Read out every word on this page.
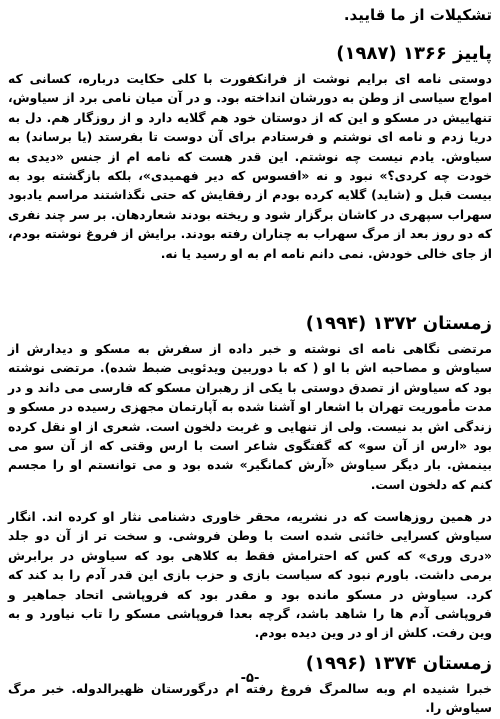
تشکیلات از ما قایید.
پاییز ۱۳۶۶ (۱۹۸۷)

دوستی نامه ای برایم نوشت از فرانکفورت با کلی حکایت درباره، کسانی که امواج سیاسی از وطن به دورشان انداخته بود. و در آن میان نامی برد از سیاوش، تنهاییش در مسکو و این که از دوستان خود هم گلایه دارد و از روزگار هم. دل به دریا زدم و نامه ای نوشتم و فرستادم برای آن دوست تا بفرستد (یا برساند) به سیاوش. یادم نیست چه نوشتم. این قدر هست که نامه ام از جنس «دیدی به خودت چه کردی؟» نبود و نه «افسوس که دیر فهمیدی»، بلکه بازگشته بود به بیست قبل و (شاید) گلایه کرده بودم از رفقایش که حتی نگذاشتند مراسم یادبود سهراب سپهری در کاشان برگزار شود و ریخته بودند شعاردهان. بر سر چند نفری که دو روز بعد از مرگ سهراب به چناران رفته بودند. برایش از فروغ نوشته بودم، از جای خالی خودش. نمی دانم نامه ام به او رسید یا نه.

زمستان ۱۳۷۲ (۱۹۹۴)

مرتضی نگاهی نامه ای نوشته و خبر داده از سفرش به مسکو و دیدارش از سیاوش و مصاحبه اش با او ( که با دوربین ویدئویی ضبط شده). مرتضی نوشته بود که سیاوش از تصدق دوستی با یکی از رهبران مسکو که فارسی می داند و در مدت مأموریت تهران با اشعار او آشنا شده به آپارتمان مجهزی رسیده در مسکو و زندگی اش بد نیست. ولی از تنهایی و غربت دلخون است. شعری از او نقل کرده بود «ارس از آن سو» که گفتگوی شاعر است با ارس وقتی که از آن سو می بینمش. بار دیگر سیاوش «آرش کمانگیر» شده بود و می توانستم او را مجسم کنم که دلخون است.

در همین روزهاست که در نشریه، محقر خاوری دشنامی نثار او کرده اند. انگار سیاوش کسرایی خائنی شده است با وطن فروشی. و سخت تر از آن دو جلد «دری وری» که کس که احترامش فقط به کلاهی بود که سیاوش در برابرش برمی داشت. باورم نبود که سیاست بازی و حزب بازی این قدر آدم را بد کند که کرد. سیاوش در مسکو مانده بود و مقدر بود که فروپاشی اتحاد جماهیر و فروپاشی آدم ها را شاهد باشد، گرچه بعدا فروپاشی مسکو را تاب نیاورد و به وین رفت. کلش از او در وین دیده بودم.

زمستان ۱۳۷۴ (۱۹۹۶)

خبرا شنیده ام وبه سالمرگ فروغ رفته ام درگورستان ظهیرالدوله. خبر مرگ سیاوش را.

-۵-
